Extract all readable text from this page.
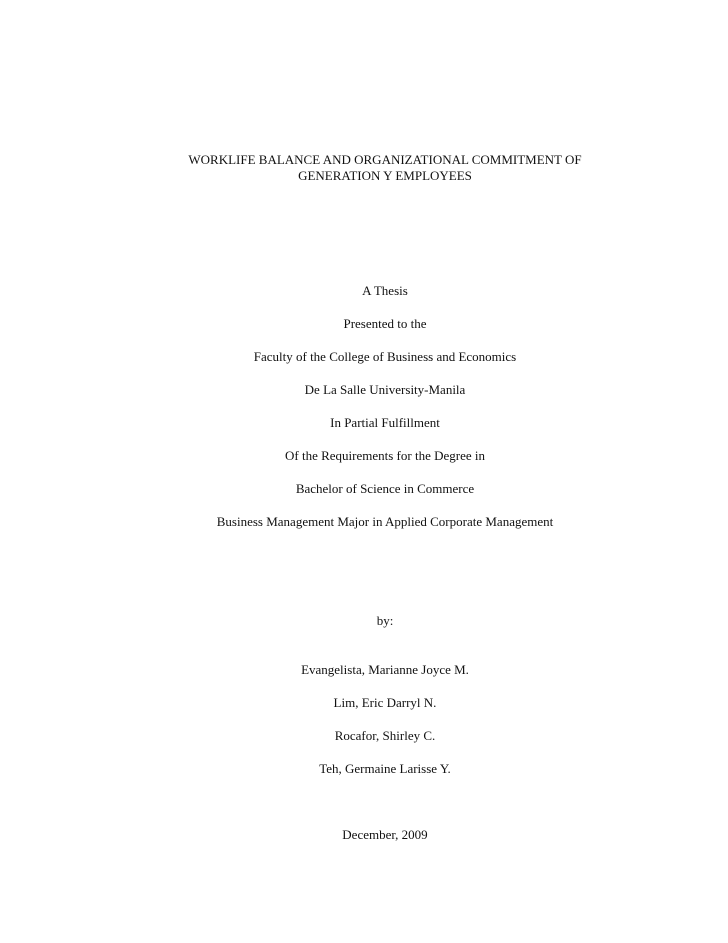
WORKLIFE BALANCE AND ORGANIZATIONAL COMMITMENT OF
GENERATION Y EMPLOYEES
A Thesis
Presented to the
Faculty of the College of Business and Economics
De La Salle University-Manila
In Partial Fulfillment
Of the Requirements for the Degree in
Bachelor of Science in Commerce
Business Management Major in Applied Corporate Management
by:
Evangelista, Marianne Joyce M.
Lim, Eric Darryl N.
Rocafor, Shirley C.
Teh, Germaine Larisse Y.
December, 2009
